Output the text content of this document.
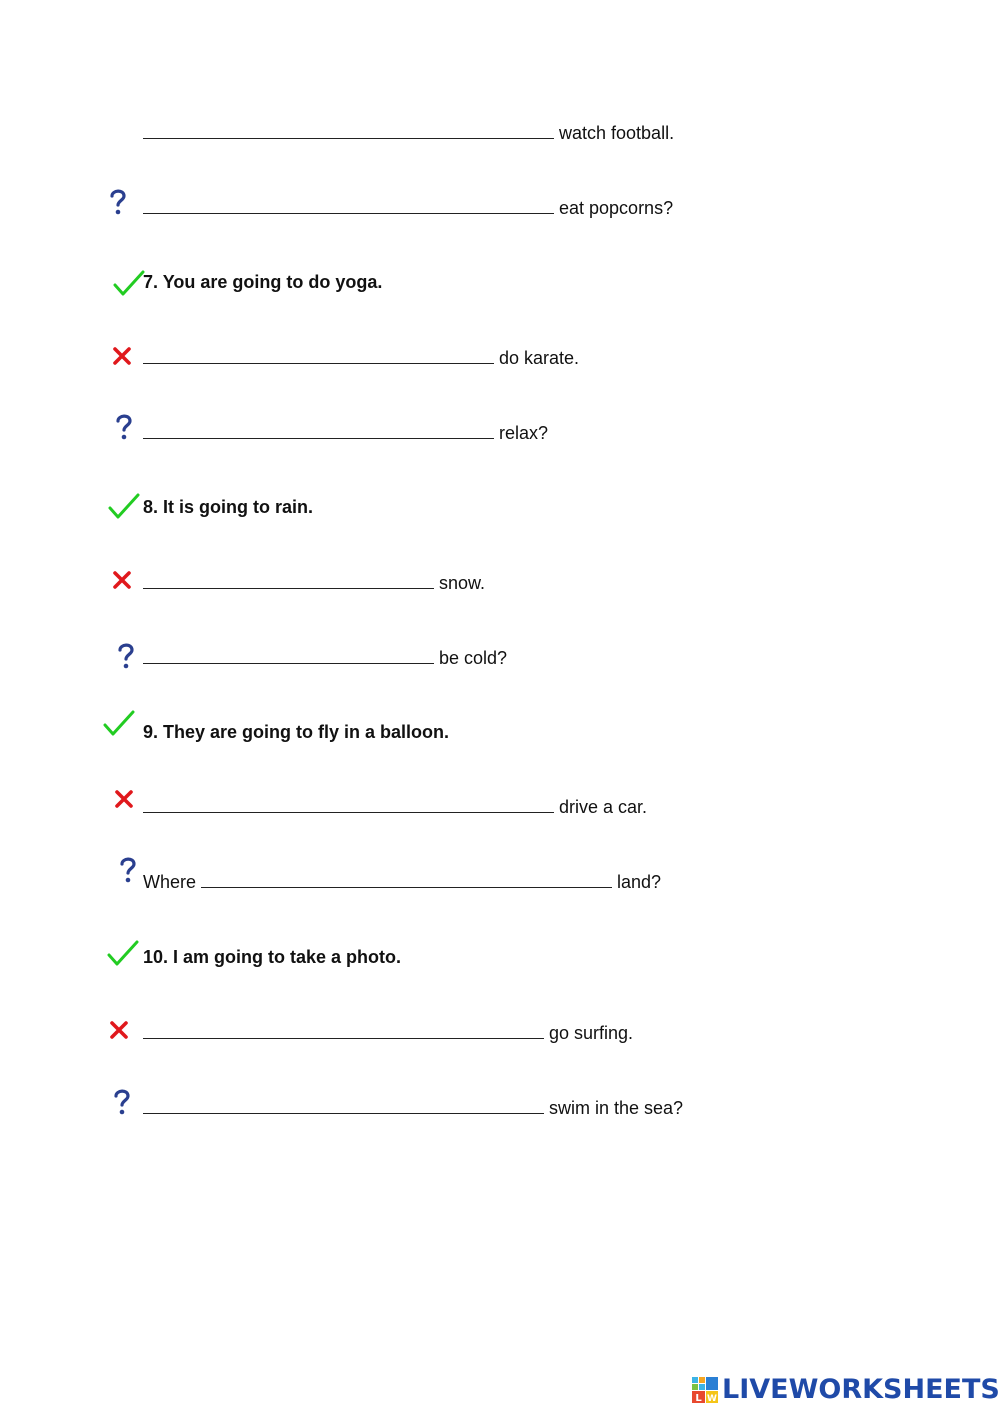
watch football.
eat popcorns?
7. You are going to do yoga.
do karate.
relax?
8. It is going to rain.
snow.
be cold?
9. They are going to fly in a balloon.
drive a car.
Where	land?
10. I am going to take a photo.
go surfing.
swim in the sea?
L W LIVEWORKSHEETS
